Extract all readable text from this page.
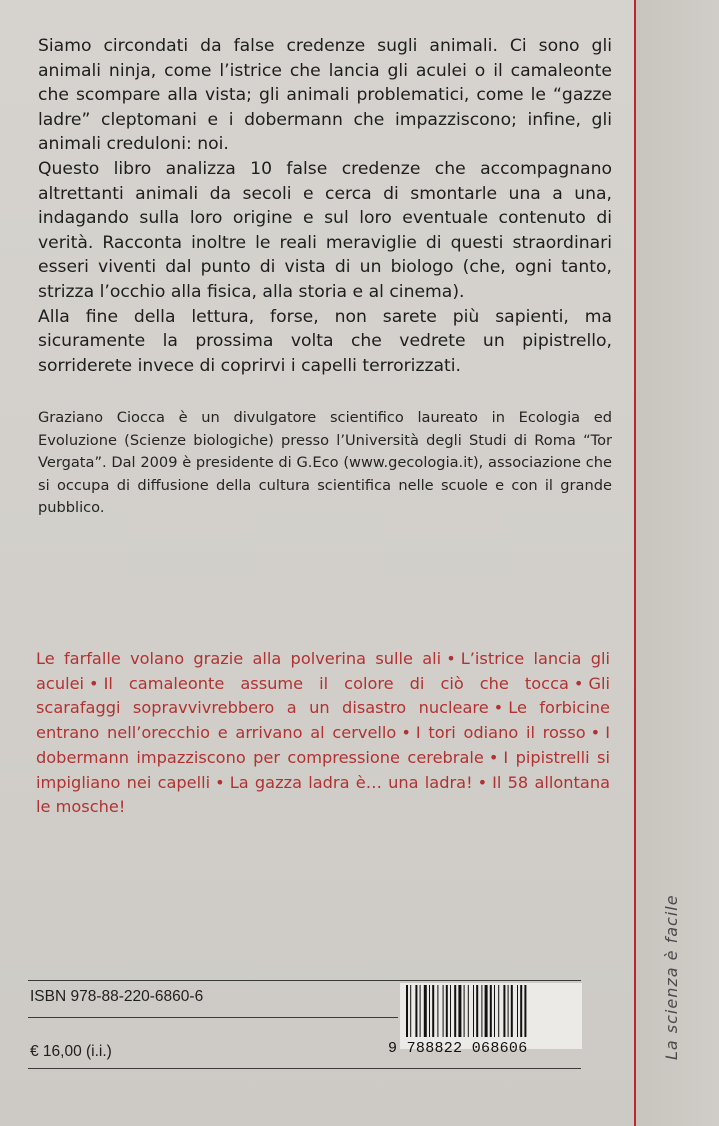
Siamo circondati da false credenze sugli animali. Ci sono gli animali ninja, come l’istrice che lancia gli aculei o il camaleonte che scompare alla vista; gli animali problematici, come le “gazze ladre” cleptomani e i dobermann che impazziscono; infine, gli animali creduloni: noi.

Questo libro analizza 10 false credenze che accompagnano altrettanti animali da secoli e cerca di smontarle una a una, indagando sulla loro origine e sul loro eventuale contenuto di verità. Racconta inoltre le reali meraviglie di questi straordinari esseri viventi dal punto di vista di un biologo (che, ogni tanto, strizza l’occhio alla fisica, alla storia e al cinema).

Alla fine della lettura, forse, non sarete più sapienti, ma sicuramente la prossima volta che vedrete un pipistrello, sorriderete invece di coprirvi i capelli terrorizzati.

Graziano Ciocca è un divulgatore scientifico laureato in Ecologia ed Evoluzione (Scienze biologiche) presso l’Università degli Studi di Roma “Tor Vergata”. Dal 2009 è presidente di G.Eco (www.gecologia.it), associazione che si occupa di diffusione della cultura scientifica nelle scuole e con il grande pubblico.
Le farfalle volano grazie alla polverina sulle ali • L’istrice lancia gli aculei • Il camaleonte assume il colore di ciò che tocca • Gli scarafaggi sopravvivrebbero a un disastro nucleare • Le forbicine entrano nell’orecchio e arrivano al cervello • I tori odiano il rosso • I dobermann impazziscono per compressione cerebrale • I pipistrelli si impigliano nei capelli • La gazza ladra è… una ladra! • Il 58 allontana le mosche!
ISBN 978-88-220-6860-6
€ 16,00 (i.i.)	9 788822 068606	La scienza è facile
